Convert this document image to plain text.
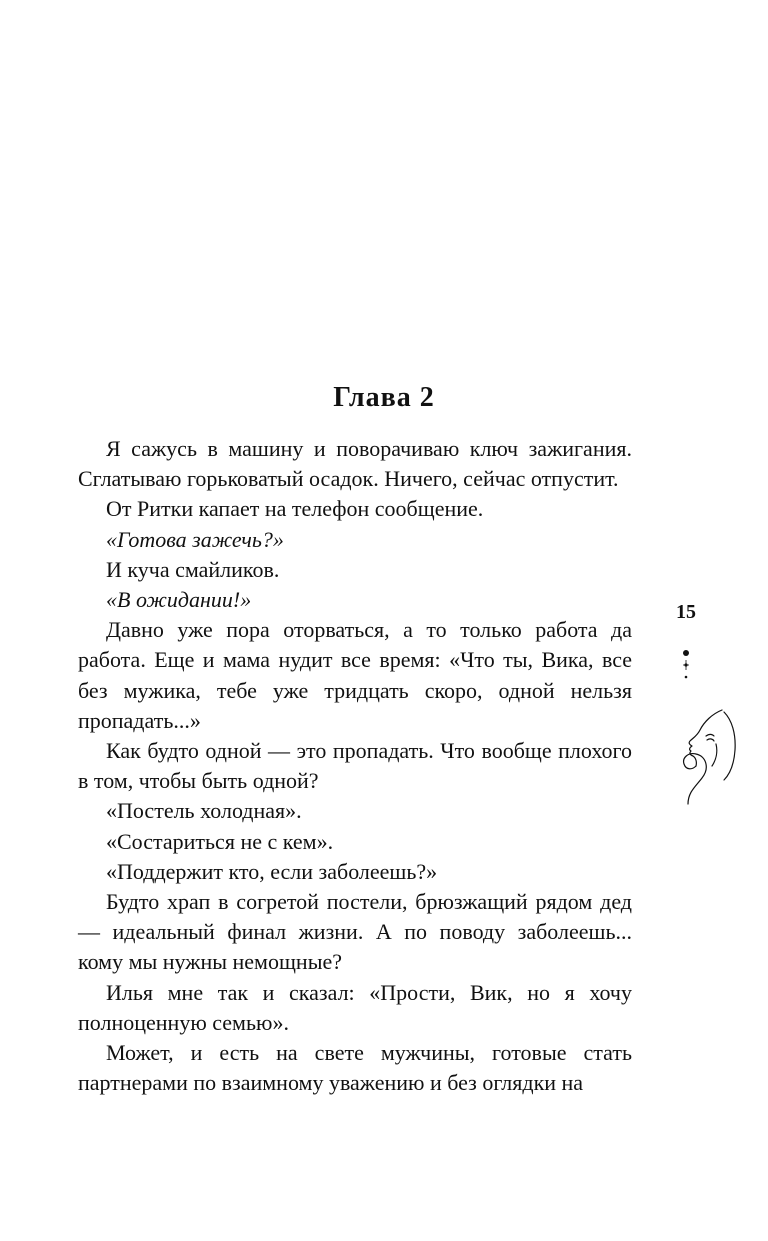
Глава 2

Я сажусь в машину и поворачиваю ключ зажигания. Сглатываю горьковатый осадок. Ничего, сейчас отпустит.

От Ритки капает на телефон сообщение.

«Готова зажечь?»

И куча смайликов.

«В ожидании!»

Давно уже пора оторваться, а то только работа да работа. Еще и мама нудит все время: «Что ты, Вика, все без мужика, тебе уже тридцать скоро, одной нельзя пропадать...»

Как будто одной — это пропадать. Что вообще плохого в том, чтобы быть одной?

«Постель холодная».

«Состариться не с кем».

«Поддержит кто, если заболеешь?»

Будто храп в согретой постели, брюзжащий рядом дед — идеальный финал жизни. А по поводу заболеешь... кому мы нужны немощные?

Илья мне так и сказал: «Прости, Вик, но я хочу полноценную семью».

Может, и есть на свете мужчины, готовые стать партнерами по взаимному уважению и без оглядки на

15
